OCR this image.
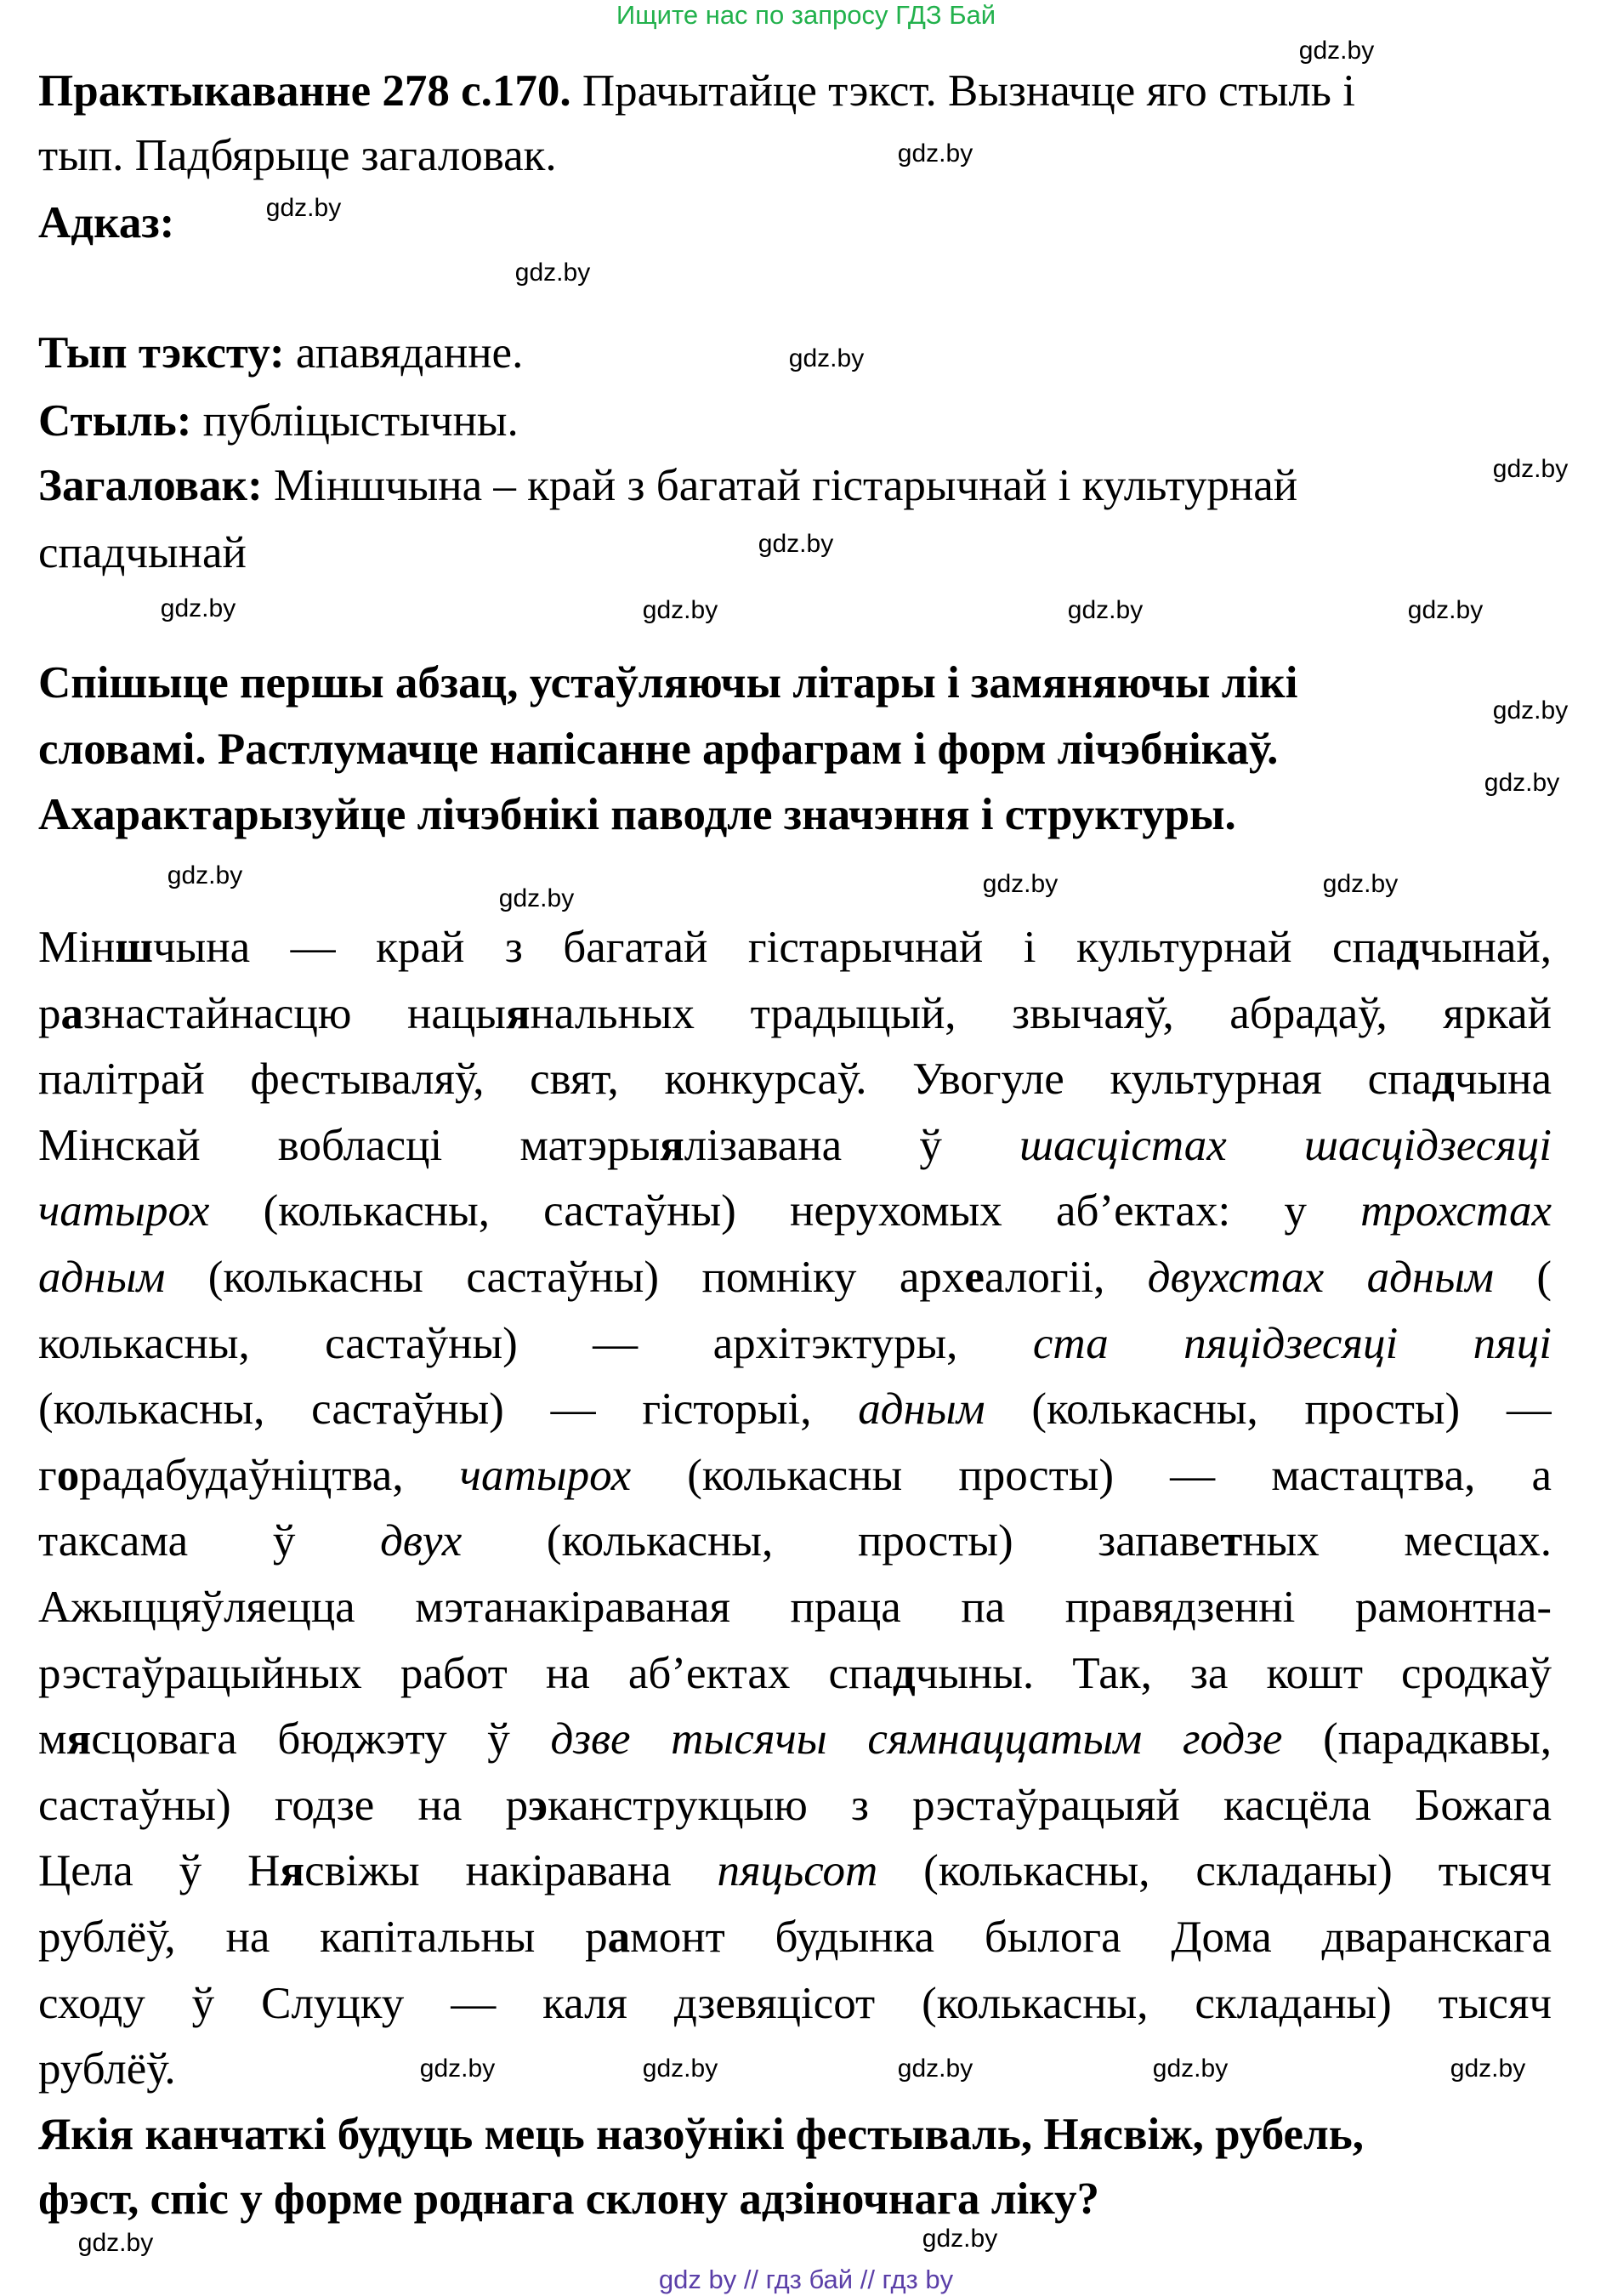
Ищите нас по запросу ГДЗ Бай
Практыкаванне 278 с.170. Прачытайце тэкст. Вызначце яго стыль і
тып. Падбярыце загаловак.
Адказ:
Тып тэксту: апавяданне.
Стыль: публіцыстычны.
Загаловак: Міншчына – край з багатай гістарычнай і культурнай
спадчынай
Спішыце першы абзац, устаўляючы літары і замяняючы лікі
словамі. Растлумачце напісанне арфаграм і форм лічэбнікаў.
Ахарактарызуйце лічэбнікі паводле значэння і структуры.
Міншчына — край з багатай гістарычнай і культурнай спадчынай,
разнастайнасцю нацыянальных традыцый, звычаяў, абрадаў, яркай
палітрай фестываляў, свят, конкурсаў. Увогуле культурная спадчына
Мінскай вобласці матэрыялізавана ў шасцістах шасцідзесяці
чатырох (колькасны, састаўны) нерухомых аб’ектах: у трохстах
адным (колькасны састаўны) помніку археалогіі, двухстах адным (
колькасны, састаўны) — архітэктуры, ста пяцідзесяці пяці
(колькасны, састаўны) — гісторыі, адным (колькасны, просты) —
горадабудаўніцтва, чатырох (колькасны просты) — мастацтва, а
таксама ў двух (колькасны, просты) запаветных месцах.
Ажыццяўляецца мэтанакіраваная праца па правядзенні рамонтна-
рэстаўрацыйных работ на аб’ектах спадчыны. Так, за кошт сродкаў
мясцовага бюджэту ў дзве тысячы сямнаццатым годзе (парадкавы,
састаўны) годзе на рэканструкцыю з рэстаўрацыяй касцёла Божага
Цела ў Нясвіжы накіравана пяцьсот (колькасны, складаны) тысяч
рублёў, на капітальны рамонт будынка былога Дома дваранскага
сходу ў Слуцку — каля дзевяцісот (колькасны, складаны) тысяч
рублёў.
Якія канчаткі будуць мець назоўнікі фестываль, Нясвіж, рубель,
фэст, спіс у форме роднага склону адзіночнага ліку?
gdz.by
gdz.by
gdz.by
gdz.by
gdz.by
gdz.by
gdz.by
gdz.by	gdz.by	gdz.by	gdz.by
gdz.by
gdz.by
gdz.by
gdz.by
gdz.by	gdz.by
gdz.by	gdz.by	gdz.by	gdz.by	gdz.by
gdz.by	gdz.by
gdz by // гдз бай // гдз by
